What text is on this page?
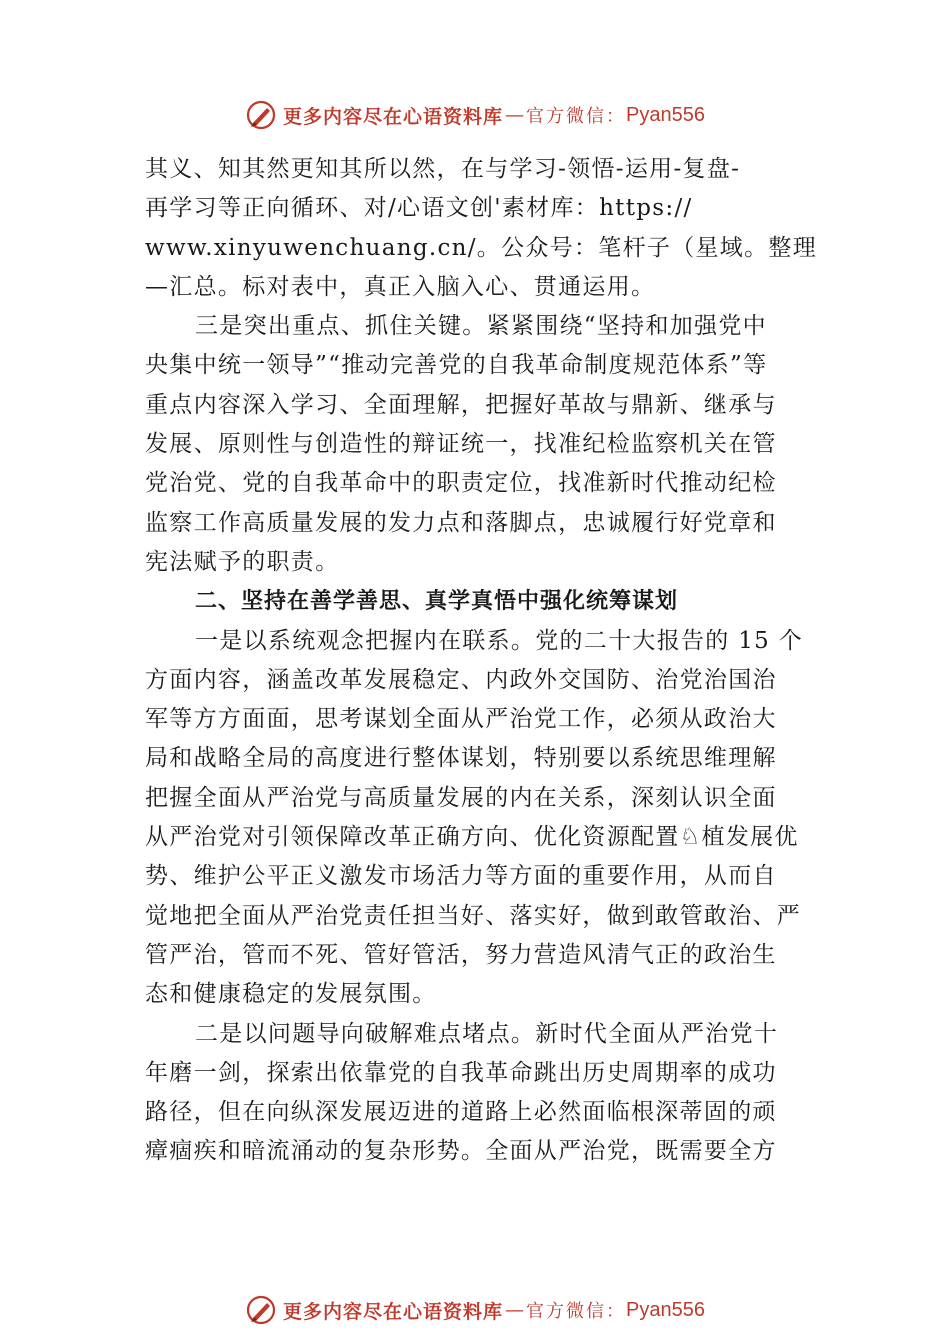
更多内容尽在心语资料库 — 官方微信： Pyan556
其义、知其然更知其所以然，在与学习-领悟-运用-复盘-
再学习等正向循环、对/心语文创'素材库：https://
www.xinyuwenchuang.cn/。公众号：笔杆子（星域。整理
—汇总。标对表中，真正入脑入心、贯通运用。
三是突出重点、抓住关键。紧紧围绕“坚持和加强党中
央集中统一领导”“推动完善党的自我革命制度规范体系”等
重点内容深入学习、全面理解，把握好革故与鼎新、继承与
发展、原则性与创造性的辩证统一，找准纪检监察机关在管
党治党、党的自我革命中的职责定位，找准新时代推动纪检
监察工作高质量发展的发力点和落脚点，忠诚履行好党章和
宪法赋予的职责。
二、坚持在善学善思、真学真悟中强化统筹谋划
一是以系统观念把握内在联系。党的二十大报告的 15 个
方面内容，涵盖改革发展稳定、内政外交国防、治党治国治
军等方方面面，思考谋划全面从严治党工作，必须从政治大
局和战略全局的高度进行整体谋划，特别要以系统思维理解
把握全面从严治党与高质量发展的内在关系，深刻认识全面
从严治党对引领保障改革正确方向、优化资源配置♘植发展优
势、维护公平正义激发市场活力等方面的重要作用，从而自
觉地把全面从严治党责任担当好、落实好，做到敢管敢治、严
管严治，管而不死、管好管活，努力营造风清气正的政治生
态和健康稳定的发展氛围。
二是以问题导向破解难点堵点。新时代全面从严治党十
年磨一剑，探索出依靠党的自我革命跳出历史周期率的成功
路径，但在向纵深发展迈进的道路上必然面临根深蒂固的顽
瘴痼疾和暗流涌动的复杂形势。全面从严治党，既需要全方
更多内容尽在心语资料库 — 官方微信： Pyan556
